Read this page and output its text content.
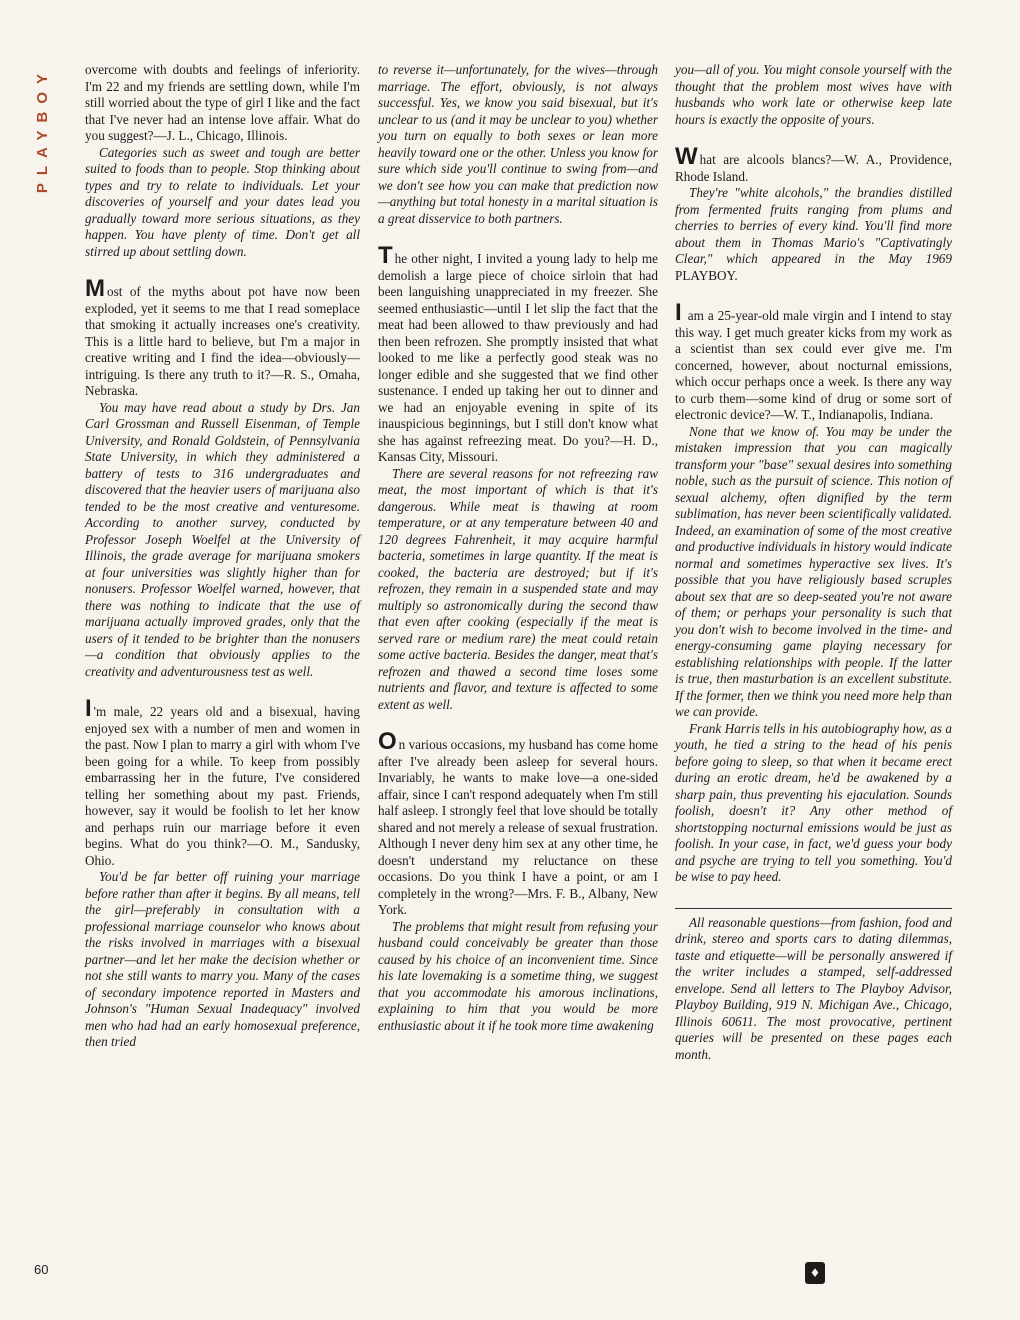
PLAYBOY	overcome with doubts and feelings of inferiority. I'm 22 and my friends are settling down, while I'm still worried about the type of girl I like and the fact that I've never had an intense love affair. What do you suggest?—J. L., Chicago, Illinois.

Categories such as sweet and tough are better suited to foods than to people. Stop thinking about types and try to relate to individuals. Let your discoveries of yourself and your dates lead you gradually toward more serious situations, as they happen. You have plenty of time. Don't get all stirred up about settling down.

Most of the myths about pot have now been exploded, yet it seems to me that I read someplace that smoking it actually increases one's creativity. This is a little hard to believe, but I'm a major in creative writing and I find the idea—obviously—intriguing. Is there any truth to it?—R. S., Omaha, Nebraska.

You may have read about a study by Drs. Jan Carl Grossman and Russell Eisenman, of Temple University, and Ronald Goldstein, of Pennsylvania State University, in which they administered a battery of tests to 316 undergraduates and discovered that the heavier users of marijuana also tended to be the most creative and venturesome. According to another survey, conducted by Professor Joseph Woelfel at the University of Illinois, the grade average for marijuana smokers at four universities was slightly higher than for nonusers. Professor Woelfel warned, however, that there was nothing to indicate that the use of marijuana actually improved grades, only that the users of it tended to be brighter than the nonusers—a condition that obviously applies to the creativity and adventurousness test as well.

I 'm male, 22 years old and a bisexual, having enjoyed sex with a number of men and women in the past. Now I plan to marry a girl with whom I've been going for a while. To keep from possibly embarrassing her in the future, I've considered telling her something about my past. Friends, however, say it would be foolish to let her know and perhaps ruin our marriage before it even begins. What do you think?—O. M., Sandusky, Ohio.

You'd be far better off ruining your marriage before rather than after it begins. By all means, tell the girl—preferably in consultation with a professional marriage counselor who knows about the risks involved in marriages with a bisexual partner—and let her make the decision whether or not she still wants to marry you. Many of the cases of secondary impotence reported in Masters and Johnson's "Human Sexual Inadequacy" involved men who had had an early homosexual preference, then tried

to reverse it—unfortunately, for the wives—through marriage. The effort, obviously, is not always successful. Yes, we know you said bisexual, but it's unclear to us (and it may be unclear to you) whether you turn on equally to both sexes or lean more heavily toward one or the other. Unless you know for sure which side you'll continue to swing from—and we don't see how you can make that prediction now—anything but total honesty in a marital situation is a great disservice to both partners.

The other night, I invited a young lady to help me demolish a large piece of choice sirloin that had been languishing unappreciated in my freezer. She seemed enthusiastic—until I let slip the fact that the meat had been allowed to thaw previously and had then been refrozen. She promptly insisted that what looked to me like a perfectly good steak was no longer edible and she suggested that we find other sustenance. I ended up taking her out to dinner and we had an enjoyable evening in spite of its inauspicious beginnings, but I still don't know what she has against refreezing meat. Do you?—H. D., Kansas City, Missouri.

There are several reasons for not refreezing raw meat, the most important of which is that it's dangerous. While meat is thawing at room temperature, or at any temperature between 40 and 120 degrees Fahrenheit, it may acquire harmful bacteria, sometimes in large quantity. If the meat is cooked, the bacteria are destroyed; but if it's refrozen, they remain in a suspended state and may multiply so astronomically during the second thaw that even after cooking (especially if the meat is served rare or medium rare) the meat could retain some active bacteria. Besides the danger, meat that's refrozen and thawed a second time loses some nutrients and flavor, and texture is affected to some extent as well.

On various occasions, my husband has come home after I've already been asleep for several hours. Invariably, he wants to make love—a one-sided affair, since I can't respond adequately when I'm still half asleep. I strongly feel that love should be totally shared and not merely a release of sexual frustration. Although I never deny him sex at any other time, he doesn't understand my reluctance on these occasions. Do you think I have a point, or am I completely in the wrong?—Mrs. F. B., Albany, New York.

The problems that might result from refusing your husband could conceivably be greater than those caused by his choice of an inconvenient time. Since his late lovemaking is a sometime thing, we suggest that you accommodate his amorous inclinations, explaining to him that you would be more enthusiastic about it if he took more time awakening

you—all of you. You might console yourself with the thought that the problem most wives have with husbands who work late or otherwise keep late hours is exactly the opposite of yours.

What are alcools blancs?—W. A., Providence, Rhode Island.

They're "white alcohols," the brandies distilled from fermented fruits ranging from plums and cherries to berries of every kind. You'll find more about them in Thomas Mario's "Captivatingly Clear," which appeared in the May 1969 PLAYBOY.

I am a 25-year-old male virgin and I intend to stay this way. I get much greater kicks from my work as a scientist than sex could ever give me. I'm concerned, however, about nocturnal emissions, which occur perhaps once a week. Is there any way to curb them—some kind of drug or some sort of electronic device?—W. T., Indianapolis, Indiana.

None that we know of. You may be under the mistaken impression that you can magically transform your "base" sexual desires into something noble, such as the pursuit of science. This notion of sexual alchemy, often dignified by the term sublimation, has never been scientifically validated. Indeed, an examination of some of the most creative and productive individuals in history would indicate normal and sometimes hyperactive sex lives. It's possible that you have religiously based scruples about sex that are so deep-seated you're not aware of them; or perhaps your personality is such that you don't wish to become involved in the time- and energy-consuming game playing necessary for establishing relationships with people. If the latter is true, then masturbation is an excellent substitute. If the former, then we think you need more help than we can provide.

Frank Harris tells in his autobiography how, as a youth, he tied a string to the head of his penis before going to sleep, so that when it became erect during an erotic dream, he'd be awakened by a sharp pain, thus preventing his ejaculation. Sounds foolish, doesn't it? Any other method of shortstopping nocturnal emissions would be just as foolish. In your case, in fact, we'd guess your body and psyche are trying to tell you something. You'd be wise to pay heed.

All reasonable questions—from fashion, food and drink, stereo and sports cars to dating dilemmas, taste and etiquette—will be personally answered if the writer includes a stamped, self-addressed envelope. Send all letters to The Playboy Advisor, Playboy Building, 919 N. Michigan Ave., Chicago, Illinois 60611. The most provocative, pertinent queries will be presented on these pages each month.

60	♦
